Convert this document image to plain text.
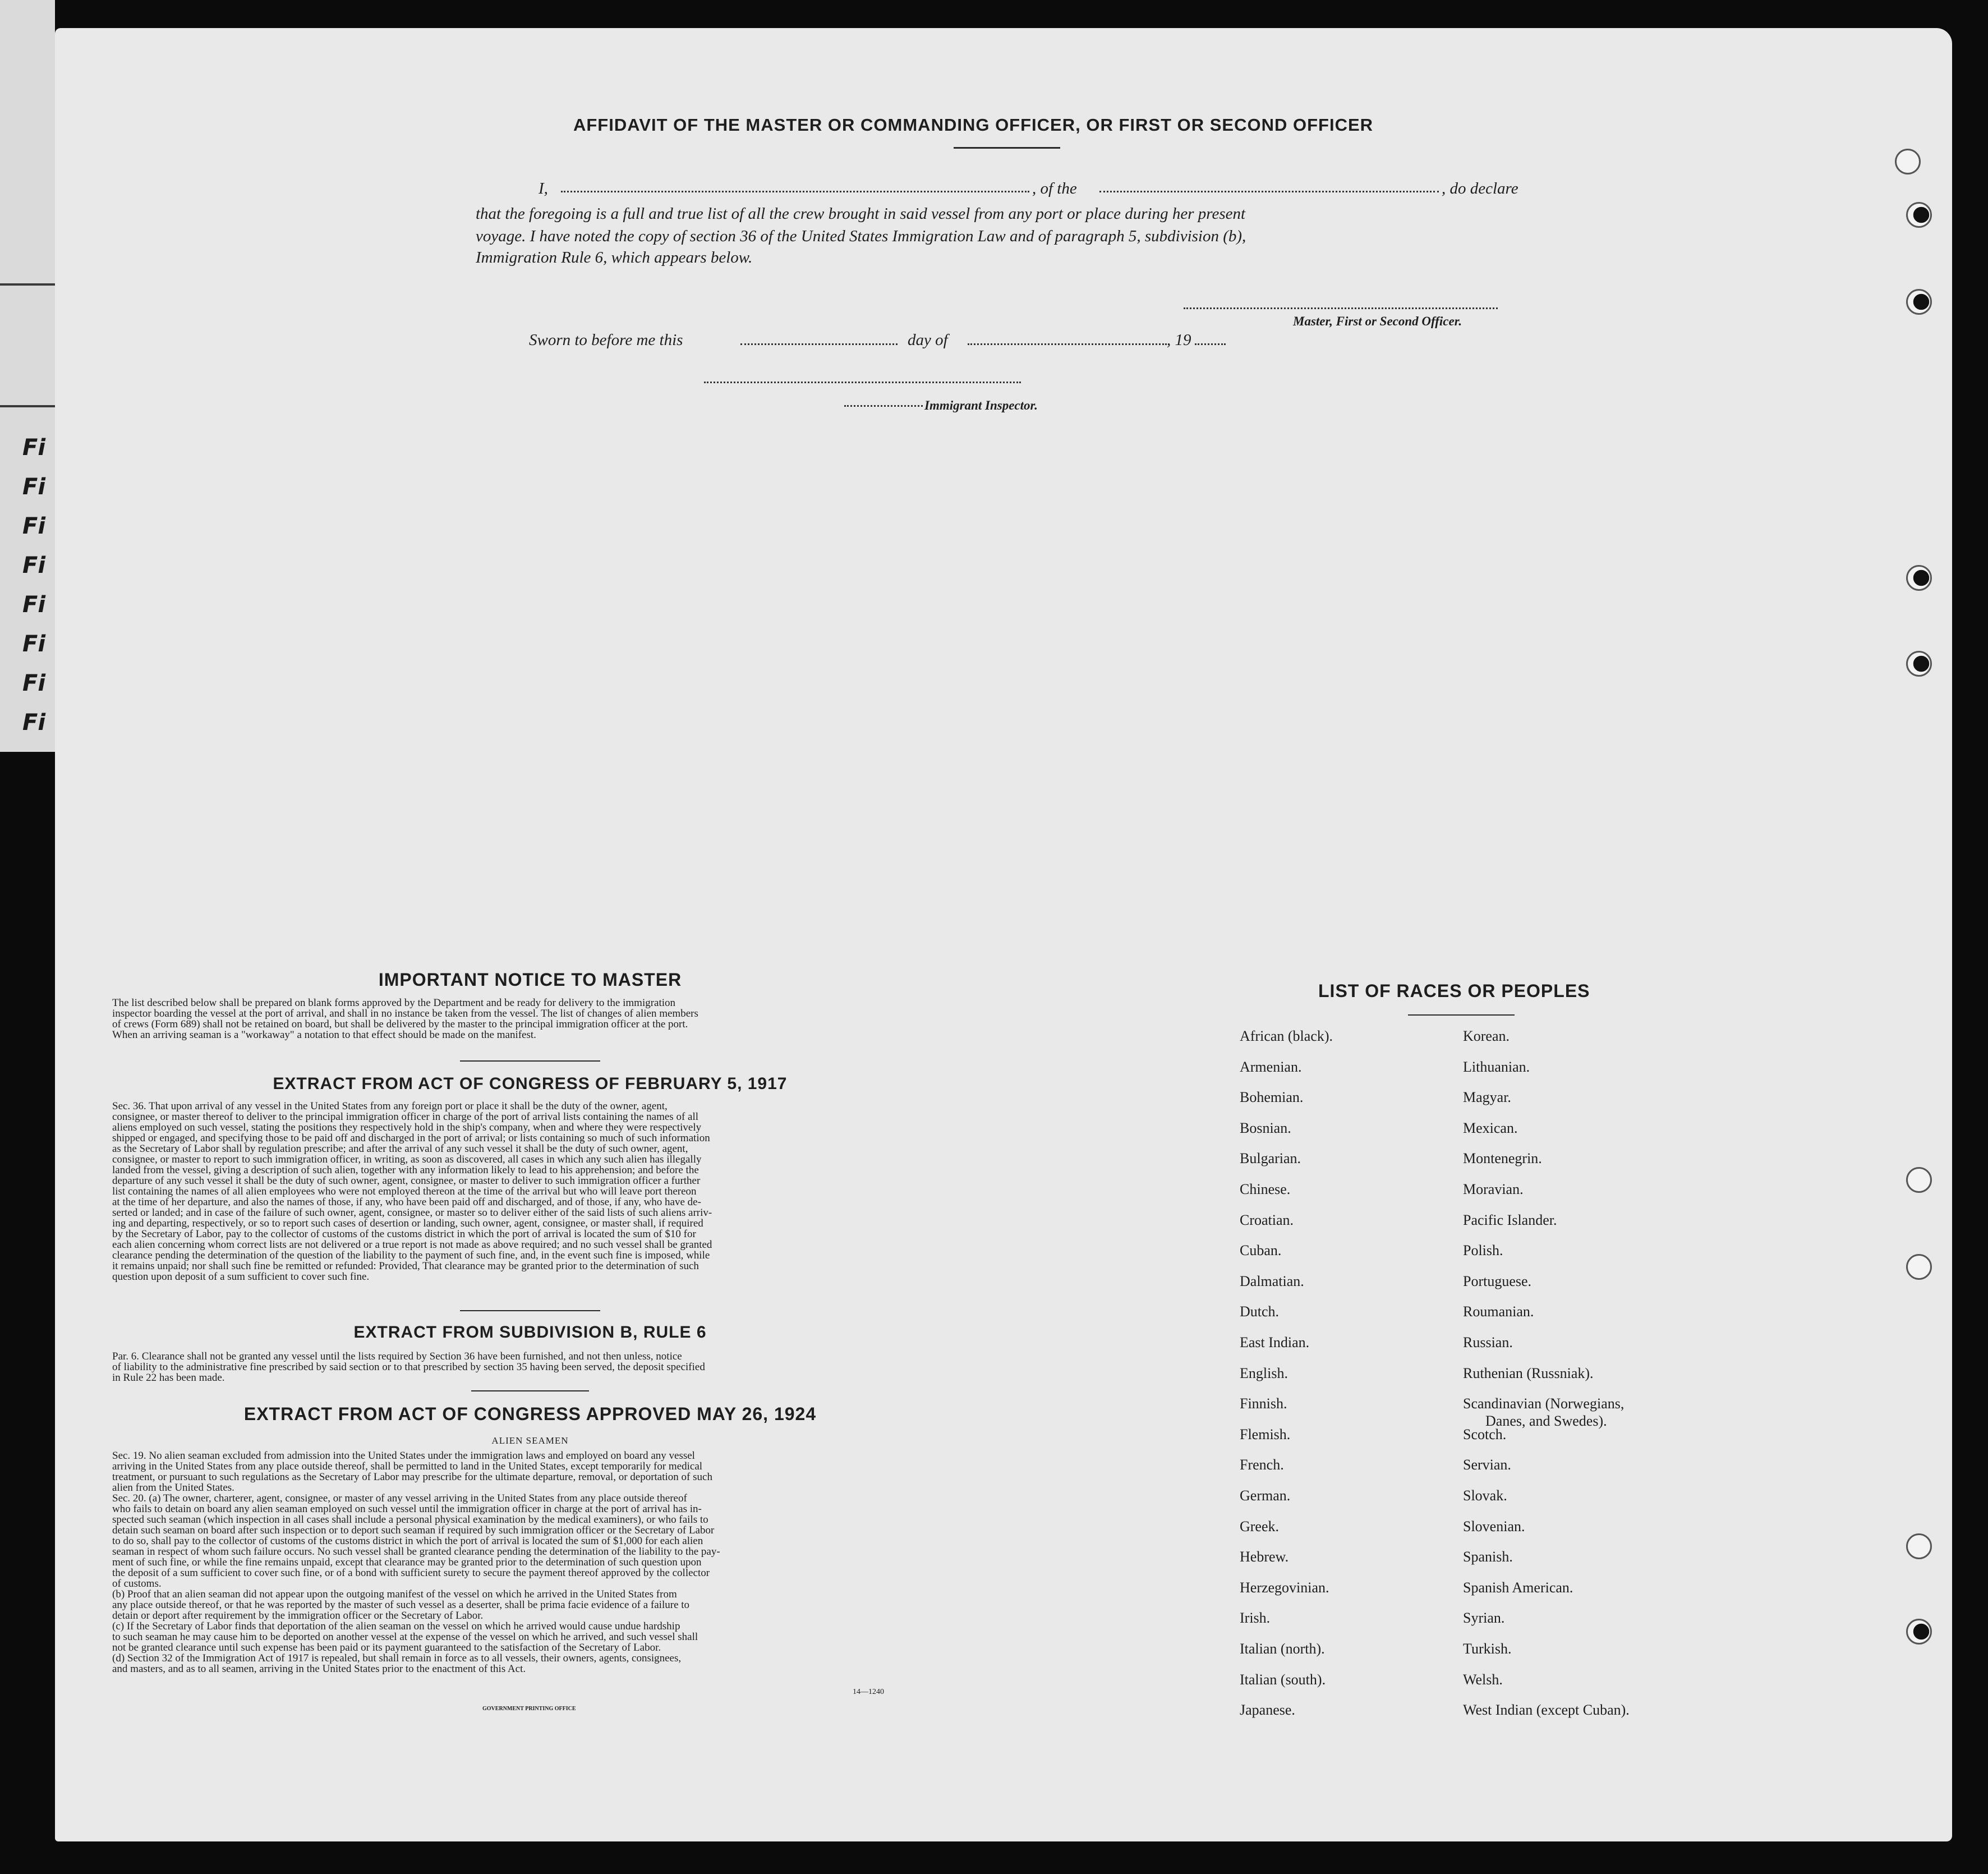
Fi
Fi
Fi
Fi
Fi
Fi
Fi
Fi
AFFIDAVIT OF THE MASTER OR COMMANDING OFFICER, OR FIRST OR SECOND OFFICER
I,	, of the	, do declare
that the foregoing is a full and true list of all the crew brought in said vessel from any port or place during her present
voyage. I have noted the copy of section 36 of the United States Immigration Law and of paragraph 5, subdivision (b),
Immigration Rule 6, which appears below.
Master, First or Second Officer.
Sworn to before me this	day of	, 19
Immigrant Inspector.
IMPORTANT NOTICE TO MASTER
The list described below shall be prepared on blank forms approved by the Department and be ready for delivery to the immigration
inspector boarding the vessel at the port of arrival, and shall in no instance be taken from the vessel. The list of changes of alien members
of crews (Form 689) shall not be retained on board, but shall be delivered by the master to the principal immigration officer at the port.
When an arriving seaman is a "workaway" a notation to that effect should be made on the manifest.
EXTRACT FROM ACT OF CONGRESS OF FEBRUARY 5, 1917
Sec. 36. That upon arrival of any vessel in the United States from any foreign port or place it shall be the duty of the owner, agent,
consignee, or master thereof to deliver to the principal immigration officer in charge of the port of arrival lists containing the names of all
aliens employed on such vessel, stating the positions they respectively hold in the ship's company, when and where they were respectively
shipped or engaged, and specifying those to be paid off and discharged in the port of arrival; or lists containing so much of such information
as the Secretary of Labor shall by regulation prescribe; and after the arrival of any such vessel it shall be the duty of such owner, agent,
consignee, or master to report to such immigration officer, in writing, as soon as discovered, all cases in which any such alien has illegally
landed from the vessel, giving a description of such alien, together with any information likely to lead to his apprehension; and before the
departure of any such vessel it shall be the duty of such owner, agent, consignee, or master to deliver to such immigration officer a further
list containing the names of all alien employees who were not employed thereon at the time of the arrival but who will leave port thereon
at the time of her departure, and also the names of those, if any, who have been paid off and discharged, and of those, if any, who have de-
serted or landed; and in case of the failure of such owner, agent, consignee, or master so to deliver either of the said lists of such aliens arriv-
ing and departing, respectively, or so to report such cases of desertion or landing, such owner, agent, consignee, or master shall, if required
by the Secretary of Labor, pay to the collector of customs of the customs district in which the port of arrival is located the sum of $10 for
each alien concerning whom correct lists are not delivered or a true report is not made as above required; and no such vessel shall be granted
clearance pending the determination of the question of the liability to the payment of such fine, and, in the event such fine is imposed, while
it remains unpaid; nor shall such fine be remitted or refunded: Provided, That clearance may be granted prior to the determination of such
question upon deposit of a sum sufficient to cover such fine.
EXTRACT FROM SUBDIVISION B, RULE 6
Par. 6. Clearance shall not be granted any vessel until the lists required by Section 36 have been furnished, and not then unless, notice
of liability to the administrative fine prescribed by said section or to that prescribed by section 35 having been served, the deposit specified
in Rule 22 has been made.
EXTRACT FROM ACT OF CONGRESS APPROVED MAY 26, 1924
ALIEN SEAMEN
Sec. 19. No alien seaman excluded from admission into the United States under the immigration laws and employed on board any vessel
arriving in the United States from any place outside thereof, shall be permitted to land in the United States, except temporarily for medical
treatment, or pursuant to such regulations as the Secretary of Labor may prescribe for the ultimate departure, removal, or deportation of such
alien from the United States.
Sec. 20. (a) The owner, charterer, agent, consignee, or master of any vessel arriving in the United States from any place outside thereof
who fails to detain on board any alien seaman employed on such vessel until the immigration officer in charge at the port of arrival has in-
spected such seaman (which inspection in all cases shall include a personal physical examination by the medical examiners), or who fails to
detain such seaman on board after such inspection or to deport such seaman if required by such immigration officer or the Secretary of Labor
to do so, shall pay to the collector of customs of the customs district in which the port of arrival is located the sum of $1,000 for each alien
seaman in respect of whom such failure occurs. No such vessel shall be granted clearance pending the determination of the liability to the pay-
ment of such fine, or while the fine remains unpaid, except that clearance may be granted prior to the determination of such question upon
the deposit of a sum sufficient to cover such fine, or of a bond with sufficient surety to secure the payment thereof approved by the collector
of customs.
(b) Proof that an alien seaman did not appear upon the outgoing manifest of the vessel on which he arrived in the United States from
any place outside thereof, or that he was reported by the master of such vessel as a deserter, shall be prima facie evidence of a failure to
detain or deport after requirement by the immigration officer or the Secretary of Labor.
(c) If the Secretary of Labor finds that deportation of the alien seaman on the vessel on which he arrived would cause undue hardship
to such seaman he may cause him to be deported on another vessel at the expense of the vessel on which he arrived, and such vessel shall
not be granted clearance until such expense has been paid or its payment guaranteed to the satisfaction of the Secretary of Labor.
(d) Section 32 of the Immigration Act of 1917 is repealed, but shall remain in force as to all vessels, their owners, agents, consignees,
and masters, and as to all seamen, arriving in the United States prior to the enactment of this Act.
14—1240
GOVERNMENT PRINTING OFFICE
LIST OF RACES OR PEOPLES
African (black).
Armenian.
Bohemian.
Bosnian.
Bulgarian.
Chinese.
Croatian.
Cuban.
Dalmatian.
Dutch.
East Indian.
English.
Finnish.
Flemish.
French.
German.
Greek.
Hebrew.
Herzegovinian.
Irish.
Italian (north).
Italian (south).
Japanese.
Korean.
Lithuanian.
Magyar.
Mexican.
Montenegrin.
Moravian.
Pacific Islander.
Polish.
Portuguese.
Roumanian.
Russian.
Ruthenian (Russniak).
Scandinavian (Norwegians,
Scotch.
Servian.
Slovak.
Slovenian.
Spanish.
Spanish American.
Syrian.
Turkish.
Welsh.
West Indian (except Cuban).
Danes, and Swedes).
